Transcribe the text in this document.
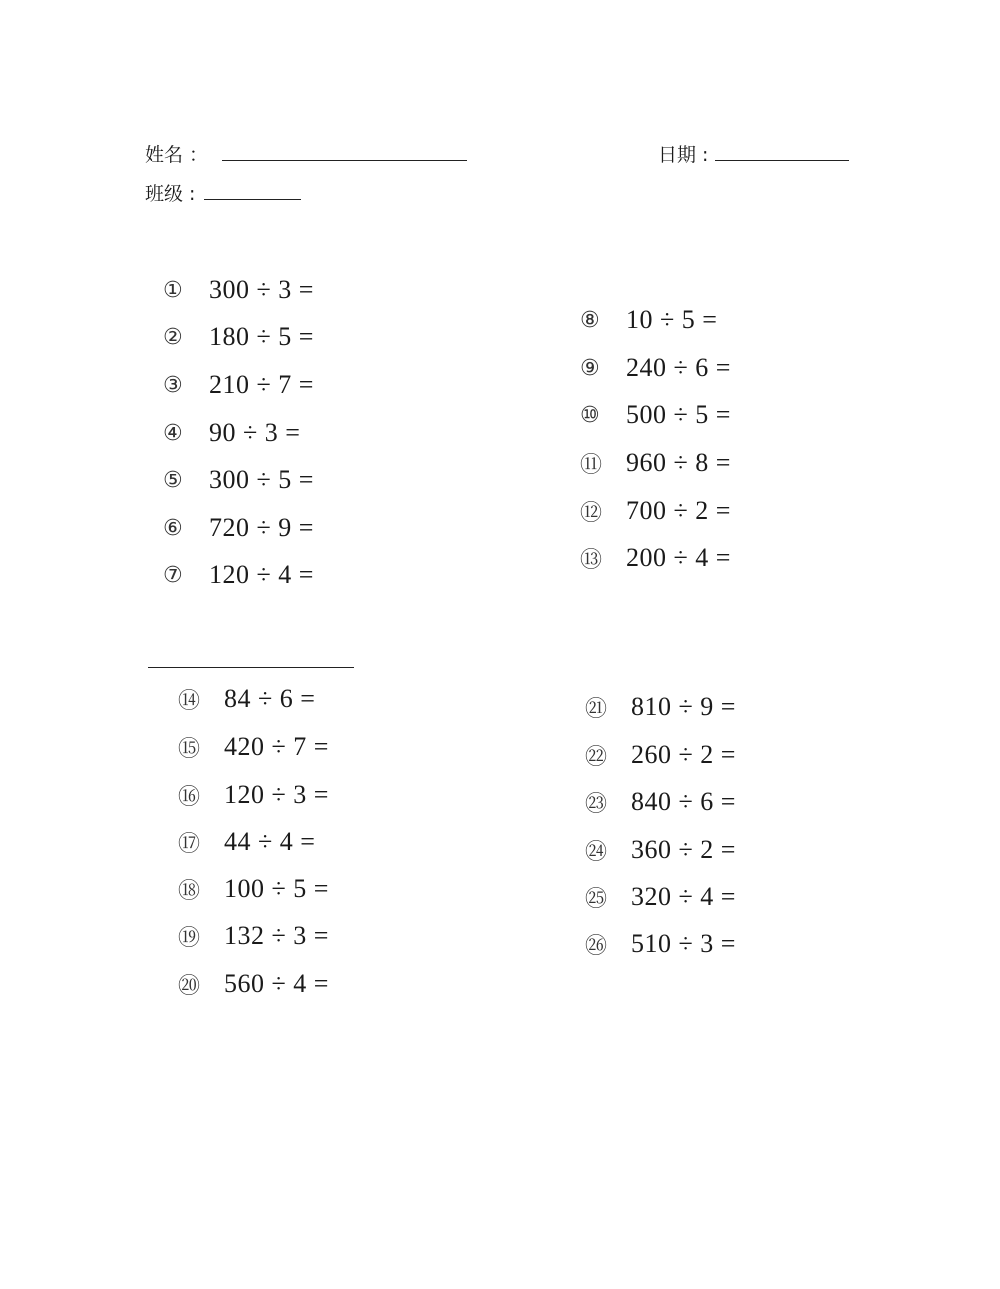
姓名 ：	日期 :
班级 :
①	300 ÷ 3 =
②	180 ÷ 5 =
③	210 ÷ 7 =
④	90 ÷ 3 =
⑤	300 ÷ 5 =
⑥	720 ÷ 9 =
⑦	120 ÷ 4 =
⑧	10 ÷ 5 =
⑨	240 ÷ 6 =
⑩	500 ÷ 5 =
⑪ 960 ÷ 8 =
⑫ 700 ÷ 2 =
⑬ 200 ÷ 4 =
⑭ 84 ÷ 6 =
⑮ 420 ÷ 7 =
⑯ 120 ÷ 3 =
⑰ 44 ÷ 4 =
⑱ 100 ÷ 5 =
⑲ 132 ÷ 3 =
⑳ 560 ÷ 4 =
㉑ 810 ÷ 9 =
㉒ 260 ÷ 2 =
㉓ 840 ÷ 6 =
㉔ 360 ÷ 2 =
㉕ 320 ÷ 4 =
㉖ 510 ÷ 3 =
